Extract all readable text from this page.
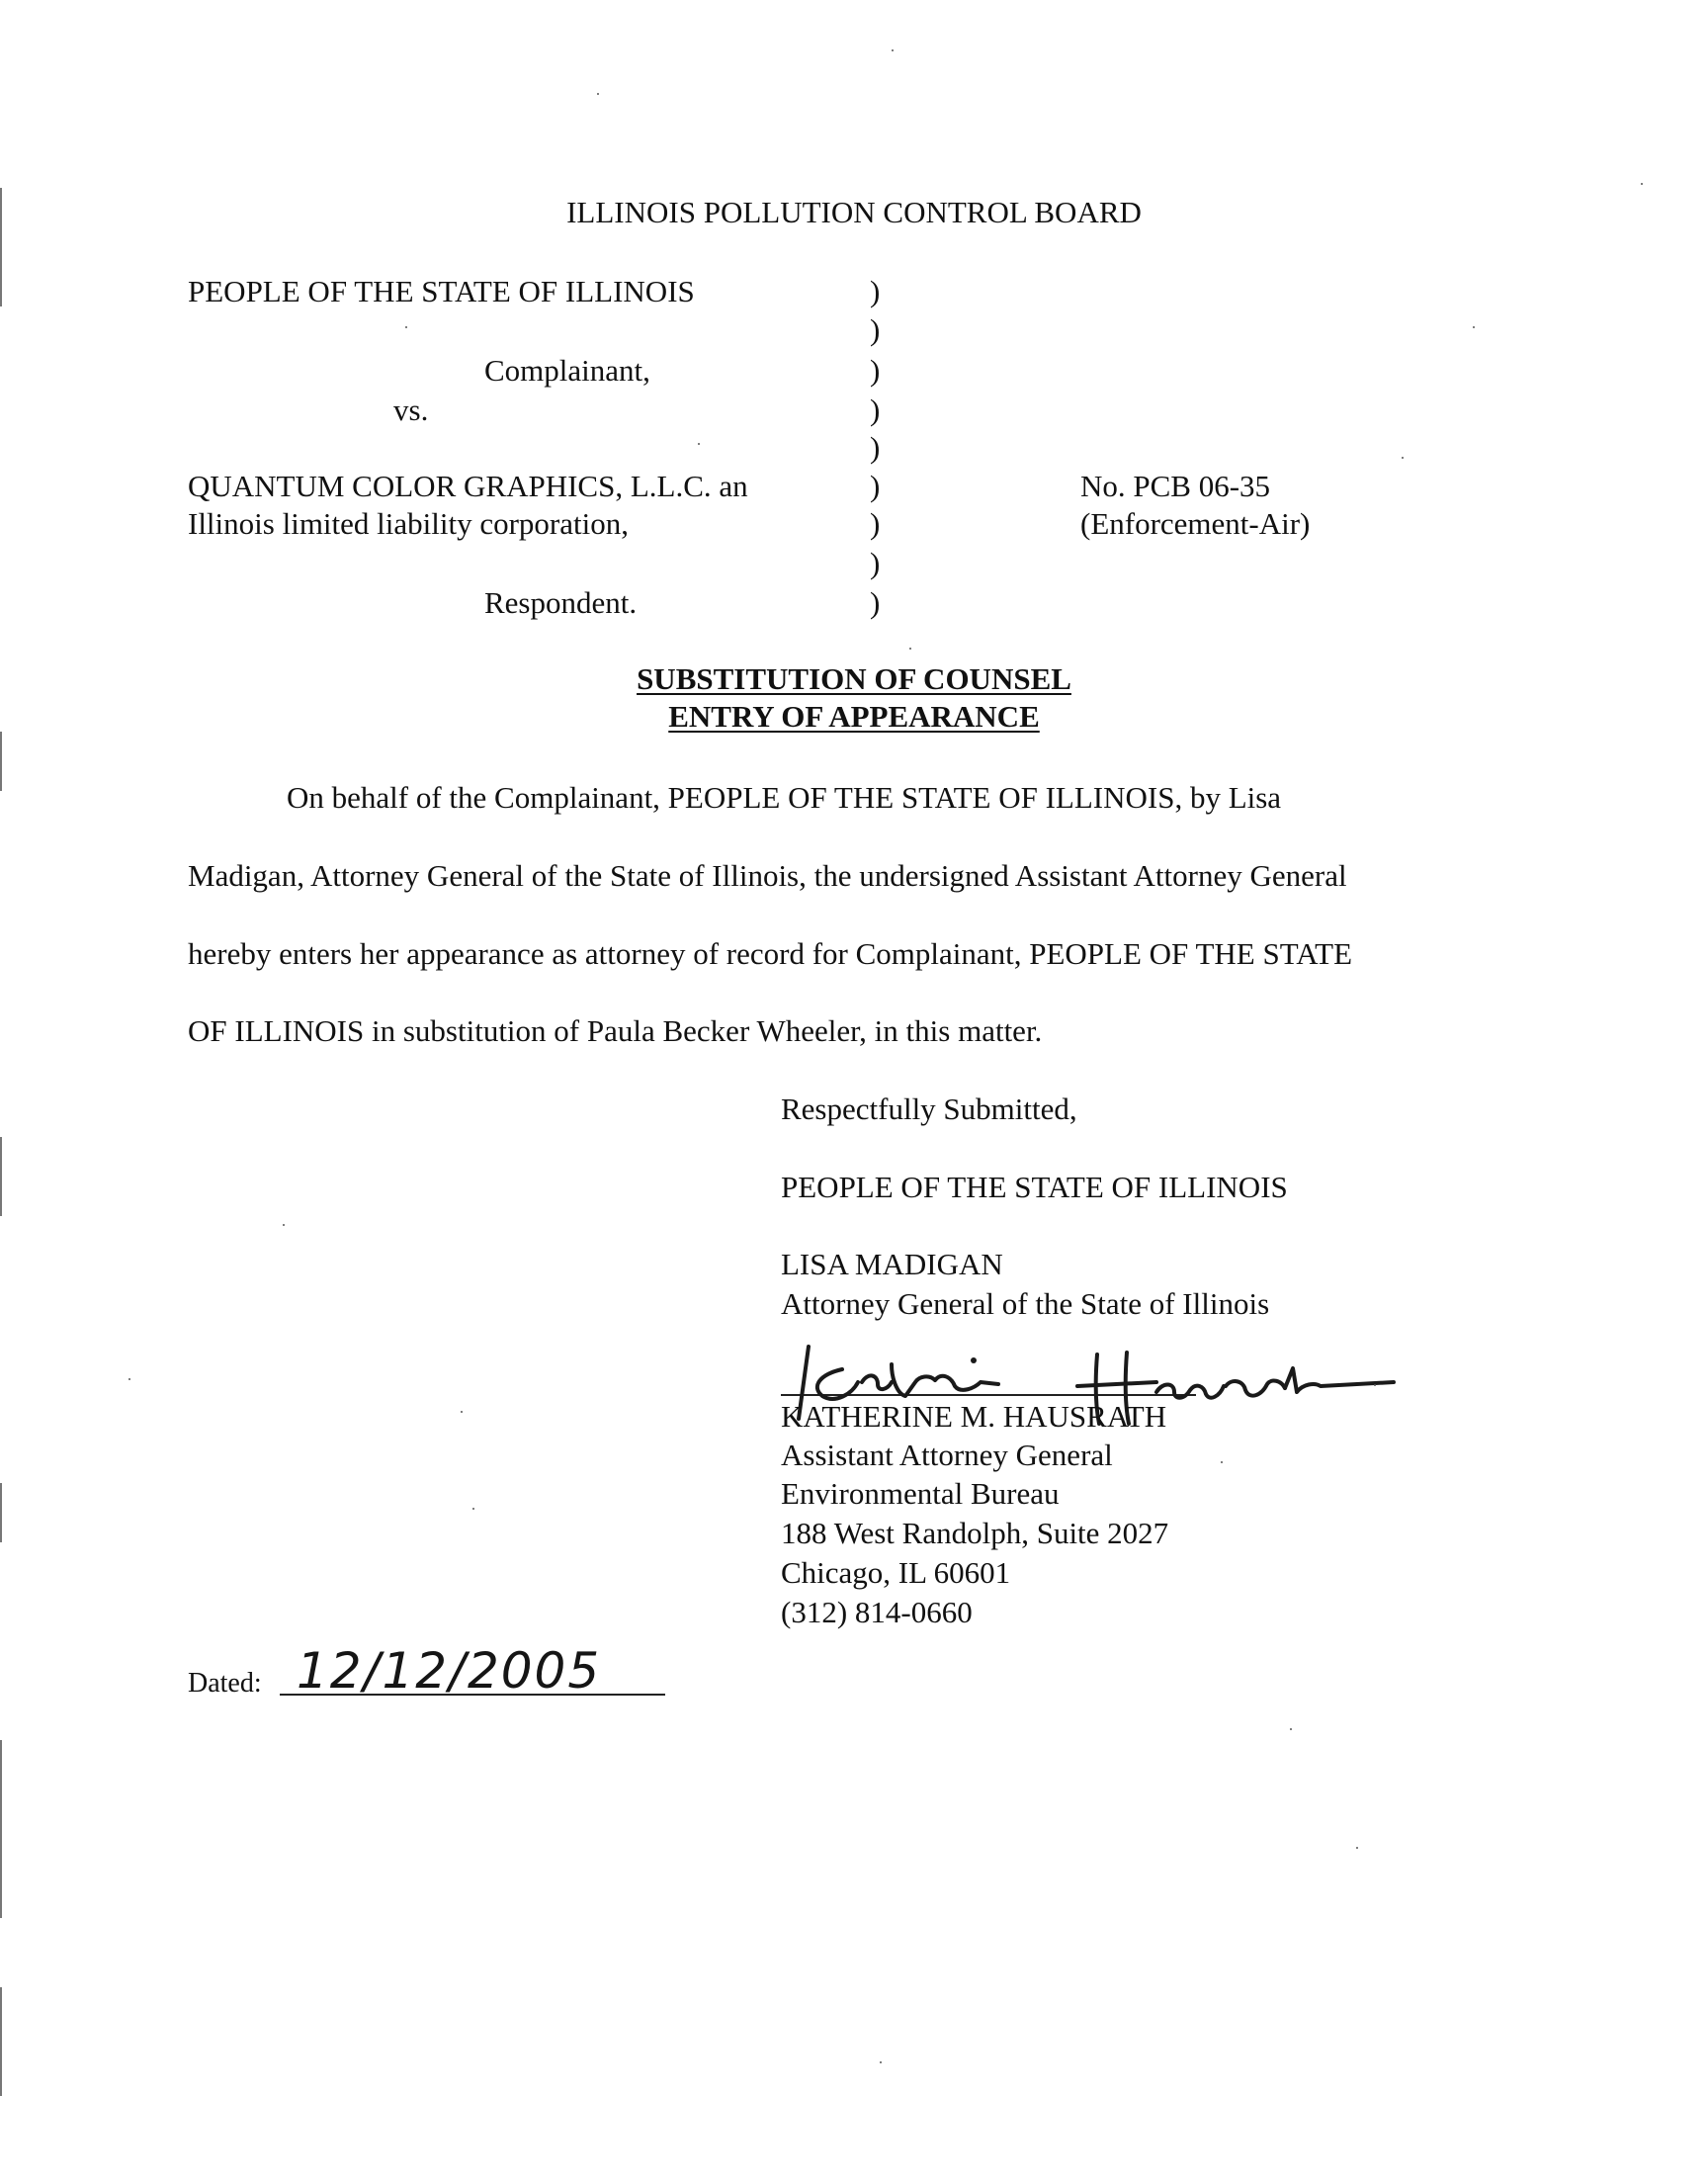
ILLINOIS POLLUTION CONTROL BOARD
PEOPLE OF THE STATE OF ILLINOIS
Complainant,
vs.
QUANTUM COLOR GRAPHICS, L.L.C. an
Illinois limited liability corporation,
Respondent.
)
)
)
)
)
)
)
)
)
No. PCB 06-35
(Enforcement-Air)
SUBSTITUTION OF COUNSEL
ENTRY OF APPEARANCE
On behalf of the Complainant, PEOPLE OF THE STATE OF ILLINOIS, by Lisa
Madigan, Attorney General of the State of Illinois, the undersigned Assistant Attorney General
hereby enters her appearance as attorney of record for Complainant, PEOPLE OF THE STATE
OF ILLINOIS in substitution of Paula Becker Wheeler, in this matter.
Respectfully Submitted,
PEOPLE OF THE STATE OF ILLINOIS
LISA MADIGAN
Attorney General of the State of Illinois
KATHERINE M. HAUSRATH
Assistant Attorney General
Environmental Bureau
188 West Randolph, Suite 2027
Chicago, IL 60601
(312) 814-0660
Dated: 12/12/2005
